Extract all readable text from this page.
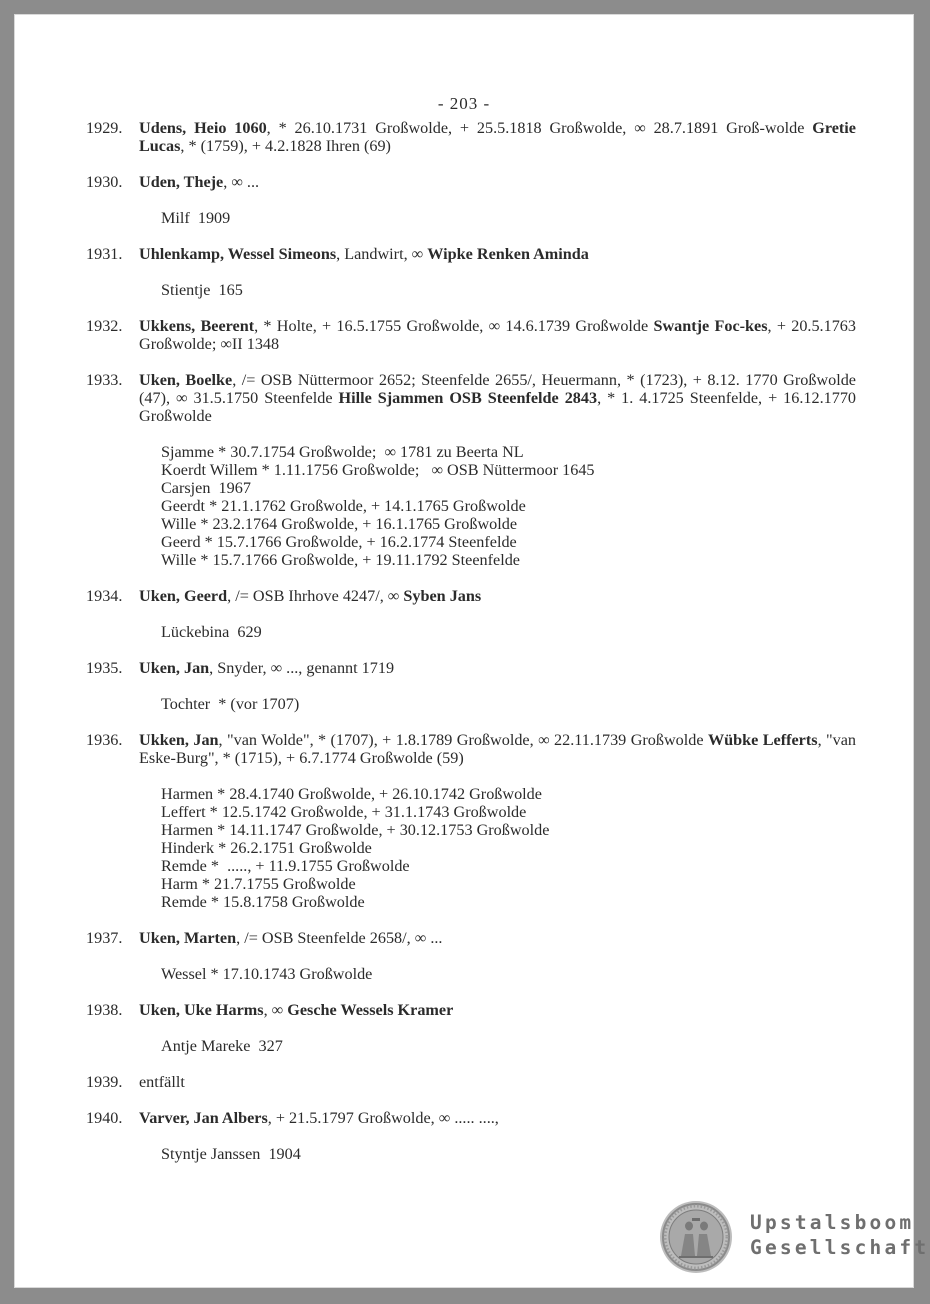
- 203 -
1929. Udens, Heio 1060, * 26.10.1731 Großwolde, + 25.5.1818 Großwolde, ∞ 28.7.1891 Groß-wolde Gretie Lucas, * (1759), + 4.2.1828 Ihren (69)
1930. Uden, Theje, ∞ ...
Milf  1909
1931. Uhlenkamp, Wessel Simeons, Landwirt, ∞ Wipke Renken Aminda
Stientje  165
1932. Ukkens, Beerent, * Holte, + 16.5.1755 Großwolde, ∞ 14.6.1739 Großwolde Swantje Foc-kes, + 20.5.1763 Großwolde; ∞II 1348
1933. Uken, Boelke, /= OSB Nüttermoor 2652; Steenfelde 2655/, Heuermann, * (1723), + 8.12. 1770 Großwolde (47), ∞ 31.5.1750 Steenfelde Hille Sjammen OSB Steenfelde 2843, * 1. 4.1725 Steenfelde, + 16.12.1770 Großwolde
Sjamme * 30.7.1754 Großwolde;  ∞ 1781 zu Beerta NL
Koerdt Willem * 1.11.1756 Großwolde;   ∞ OSB Nüttermoor 1645
Carsjen  1967
Geerdt * 21.1.1762 Großwolde, + 14.1.1765 Großwolde
Wille * 23.2.1764 Großwolde, + 16.1.1765 Großwolde
Geerd * 15.7.1766 Großwolde, + 16.2.1774 Steenfelde
Wille * 15.7.1766 Großwolde, + 19.11.1792 Steenfelde
1934. Uken, Geerd, /= OSB Ihrhove 4247/, ∞ Syben Jans
Lückebina  629
1935. Uken, Jan, Snyder, ∞ ..., genannt 1719
Tochter  * (vor 1707)
1936. Ukken, Jan, "van Wolde", * (1707), + 1.8.1789 Großwolde, ∞ 22.11.1739 Großwolde Wübke Lefferts, "van Eske-Burg", * (1715), + 6.7.1774 Großwolde (59)
Harmen * 28.4.1740 Großwolde, + 26.10.1742 Großwolde
Leffert * 12.5.1742 Großwolde, + 31.1.1743 Großwolde
Harmen * 14.11.1747 Großwolde, + 30.12.1753 Großwolde
Hinderk * 26.2.1751 Großwolde
Remde *  ....., + 11.9.1755 Großwolde
Harm * 21.7.1755 Großwolde
Remde * 15.8.1758 Großwolde
1937. Uken, Marten, /= OSB Steenfelde 2658/, ∞ ...
Wessel * 17.10.1743 Großwolde
1938. Uken, Uke Harms, ∞ Gesche Wessels Kramer
Antje Mareke  327
1939. entfällt
1940. Varver, Jan Albers, + 21.5.1797 Großwolde, ∞ ..... ....,
Styntje Janssen  1904
Upstalsboom
Gesellschaft
